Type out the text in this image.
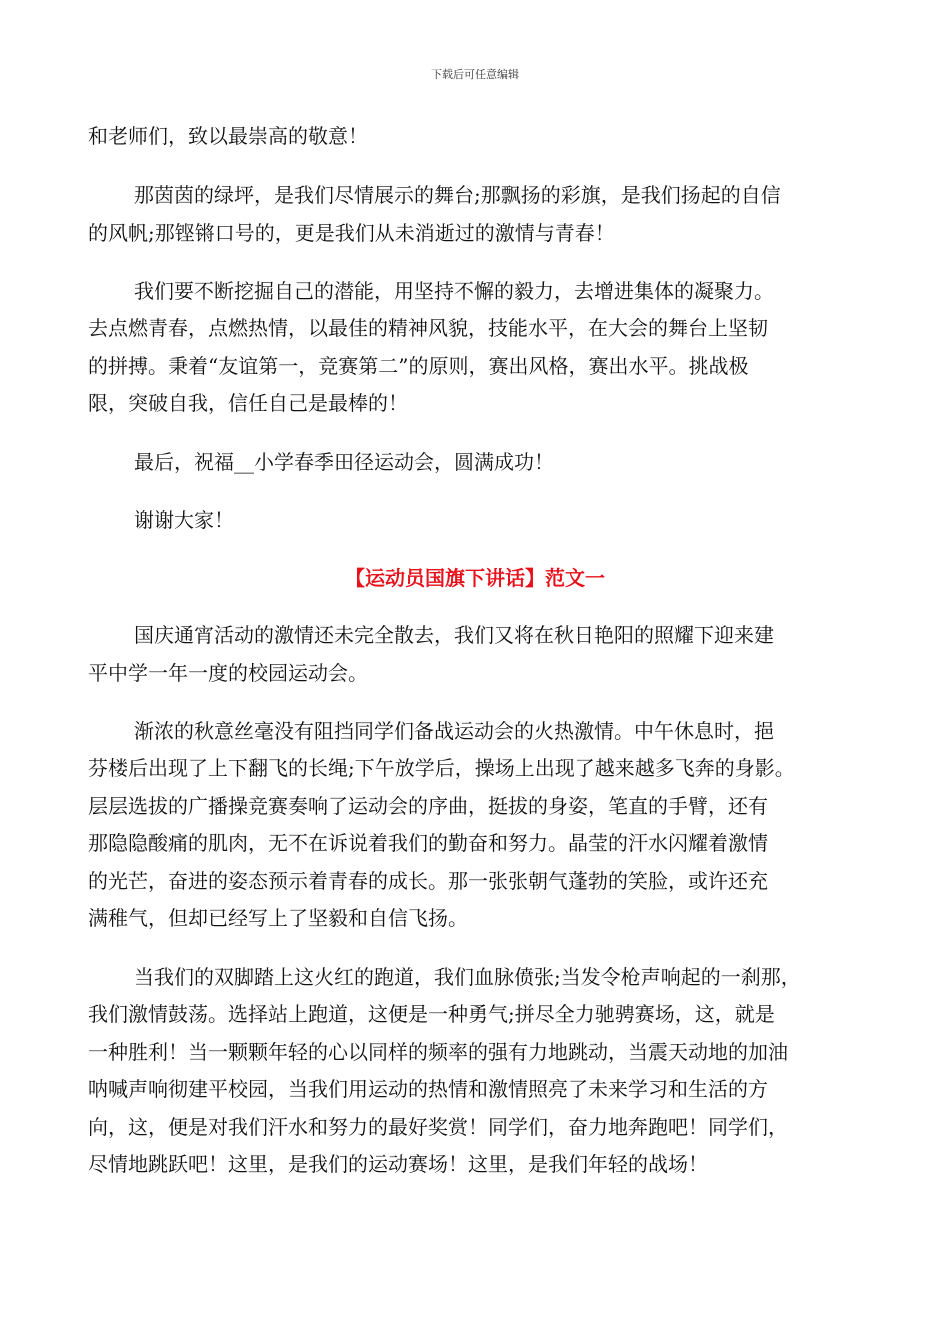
下载后可任意编辑
和老师们，致以最崇高的敬意！
那茵茵的绿坪，是我们尽情展示的舞台;那飘扬的彩旗，是我们扬起的自信
的风帆;那铿锵口号的，更是我们从未消逝过的激情与青春！
我们要不断挖掘自己的潜能，用坚持不懈的毅力，去增进集体的凝聚力。
去点燃青春，点燃热情，以最佳的精神风貌，技能水平，在大会的舞台上坚韧
的拼搏。秉着“友谊第一，竞赛第二”的原则，赛出风格，赛出水平。挑战极
限，突破自我，信任自己是最棒的！
最后，祝福__小学春季田径运动会，圆满成功！
谢谢大家！
【运动员国旗下讲话】范文一
国庆通宵活动的激情还未完全散去，我们又将在秋日艳阳的照耀下迎来建
平中学一年一度的校园运动会。
渐浓的秋意丝毫没有阻挡同学们备战运动会的火热激情。中午休息时，挹
芬楼后出现了上下翻飞的长绳;下午放学后，操场上出现了越来越多飞奔的身影。
层层选拔的广播操竞赛奏响了运动会的序曲，挺拔的身姿，笔直的手臂，还有
那隐隐酸痛的肌肉，无不在诉说着我们的勤奋和努力。晶莹的汗水闪耀着激情
的光芒，奋进的姿态预示着青春的成长。那一张张朝气蓬勃的笑脸，或许还充
满稚气，但却已经写上了坚毅和自信飞扬。
当我们的双脚踏上这火红的跑道，我们血脉偾张;当发令枪声响起的一刹那，
我们激情鼓荡。选择站上跑道，这便是一种勇气;拼尽全力驰骋赛场，这，就是
一种胜利！当一颗颗年轻的心以同样的频率的强有力地跳动，当震天动地的加油
呐喊声响彻建平校园，当我们用运动的热情和激情照亮了未来学习和生活的方
向，这，便是对我们汗水和努力的最好奖赏！同学们，奋力地奔跑吧！同学们，
尽情地跳跃吧！这里，是我们的运动赛场！这里，是我们年轻的战场！
